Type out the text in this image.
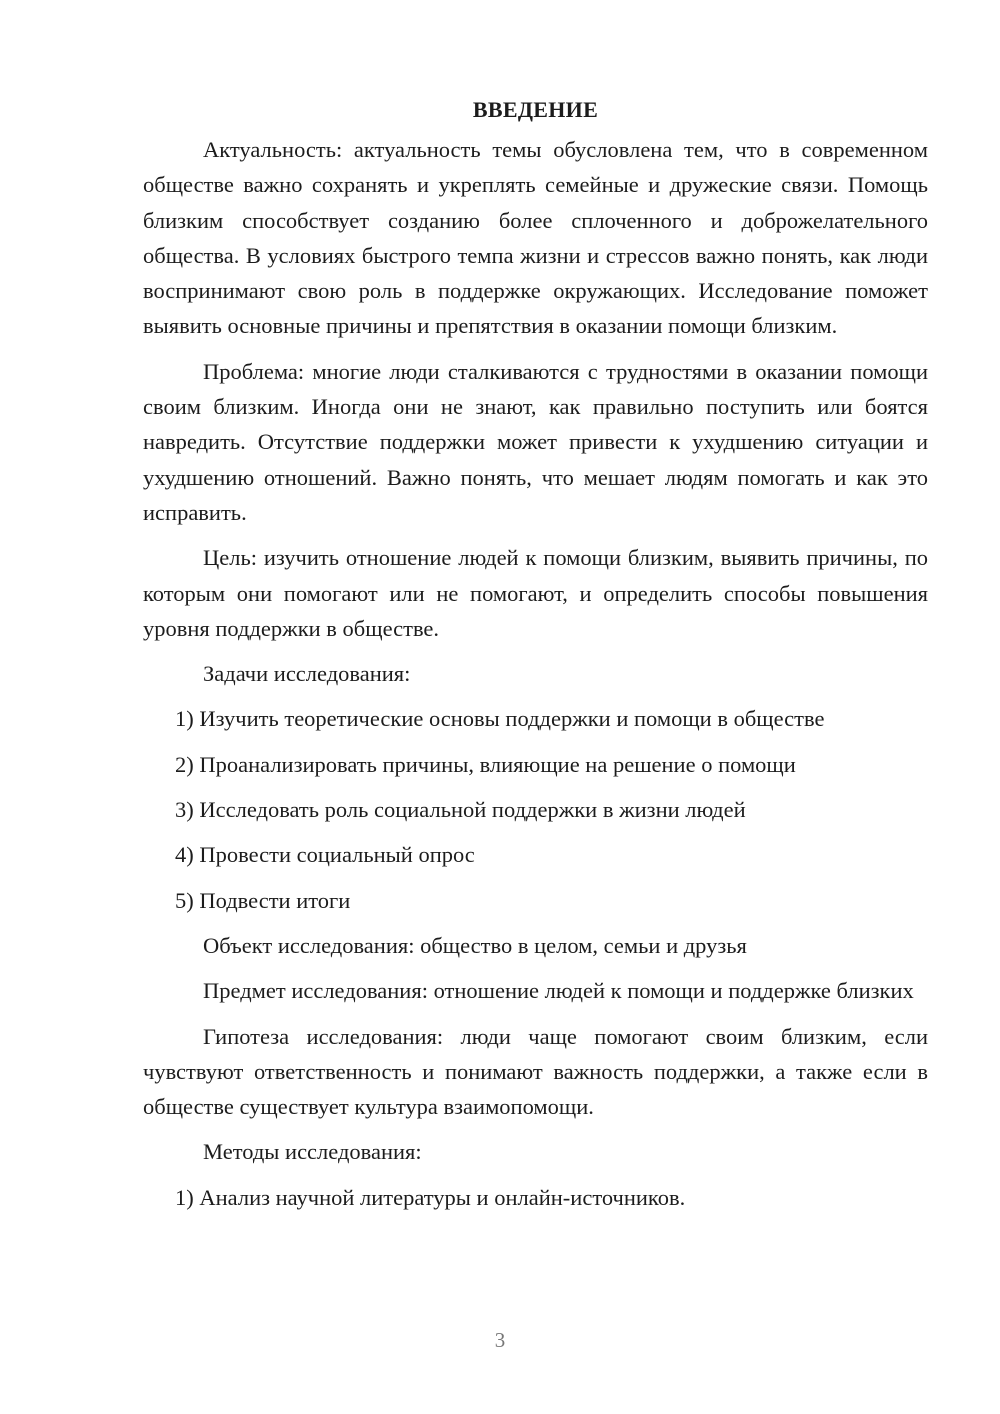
ВВЕДЕНИЕ

Актуальность: актуальность темы обусловлена тем, что в современном обществе важно сохранять и укреплять семейные и дружеские связи. Помощь близким способствует созданию более сплоченного и доброжелательного общества. В условиях быстрого темпа жизни и стрессов важно понять, как люди воспринимают свою роль в поддержке окружающих. Исследование поможет выявить основные причины и препятствия в оказании помощи близким.

Проблема: многие люди сталкиваются с трудностями в оказании помощи своим близким. Иногда они не знают, как правильно поступить или боятся навредить. Отсутствие поддержки может привести к ухудшению ситуации и ухудшению отношений. Важно понять, что мешает людям помогать и как это исправить.

Цель: изучить отношение людей к помощи близким, выявить причины, по которым они помогают или не помогают, и определить способы повышения уровня поддержки в обществе.

Задачи исследования:
1) Изучить теоретические основы поддержки и помощи в обществе
2) Проанализировать причины, влияющие на решение о помощи
3) Исследовать роль социальной поддержки в жизни людей
4) Провести социальный опрос
5) Подвести итоги
Объект исследования: общество в целом, семьи и друзья

Предмет исследования: отношение людей к помощи и поддержке близких

Гипотеза исследования: люди чаще помогают своим близким, если чувствуют ответственность и понимают важность поддержки, а также если в обществе существует культура взаимопомощи.

Методы исследования:
1) Анализ научной литературы и онлайн-источников.
3
